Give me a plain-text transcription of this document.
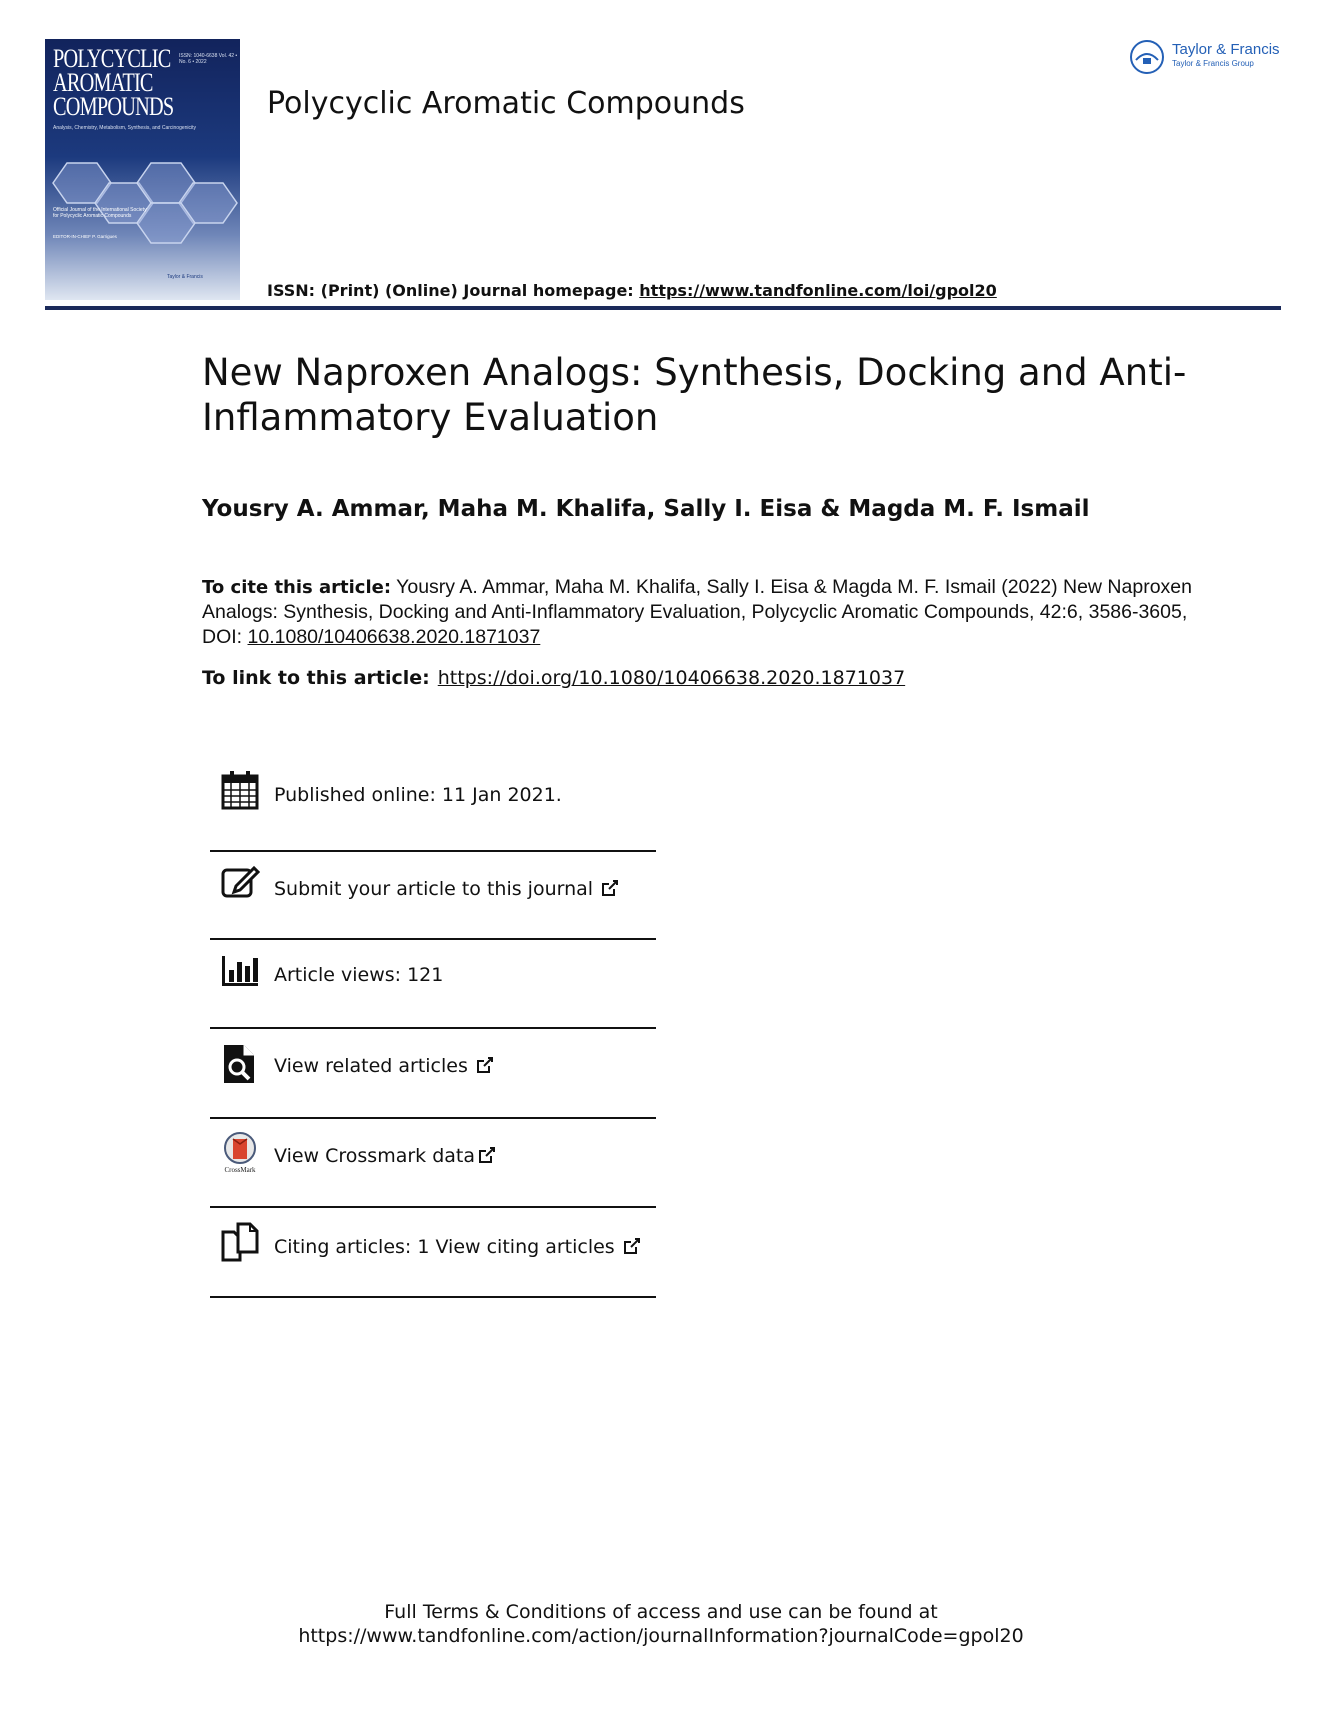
POLYCYCLIC
AROMATIC
COMPOUNDS
ISSN: 1040-6638 Vol. 42 • No. 6 • 2022
Analysis, Chemistry, Metabolism, Synthesis, and Carcinogenicity
Official Journal of the International Society for Polycyclic Aromatic Compounds
EDITOR-IN-CHIEF P. Garrigues
Taylor & Francis
Polycyclic Aromatic Compounds
Taylor & Francis
Taylor & Francis Group
ISSN: (Print) (Online) Journal homepage: https://www.tandfonline.com/loi/gpol20
New Naproxen Analogs: Synthesis, Docking and Anti-Inflammatory Evaluation
Yousry A. Ammar, Maha M. Khalifa, Sally I. Eisa & Magda M. F. Ismail
To cite this article: Yousry A. Ammar, Maha M. Khalifa, Sally I. Eisa & Magda M. F. Ismail (2022) New Naproxen Analogs: Synthesis, Docking and Anti-Inflammatory Evaluation, Polycyclic Aromatic Compounds, 42:6, 3586-3605, DOI: 10.1080/10406638.2020.1871037
To link to this article: https://doi.org/10.1080/10406638.2020.1871037
Published online: 11 Jan 2021.
Submit your article to this journal
Article views: 121
View related articles
CrossMark
View Crossmark data
Citing articles: 1 View citing articles
Full Terms & Conditions of access and use can be found at
https://www.tandfonline.com/action/journalInformation?journalCode=gpol20
